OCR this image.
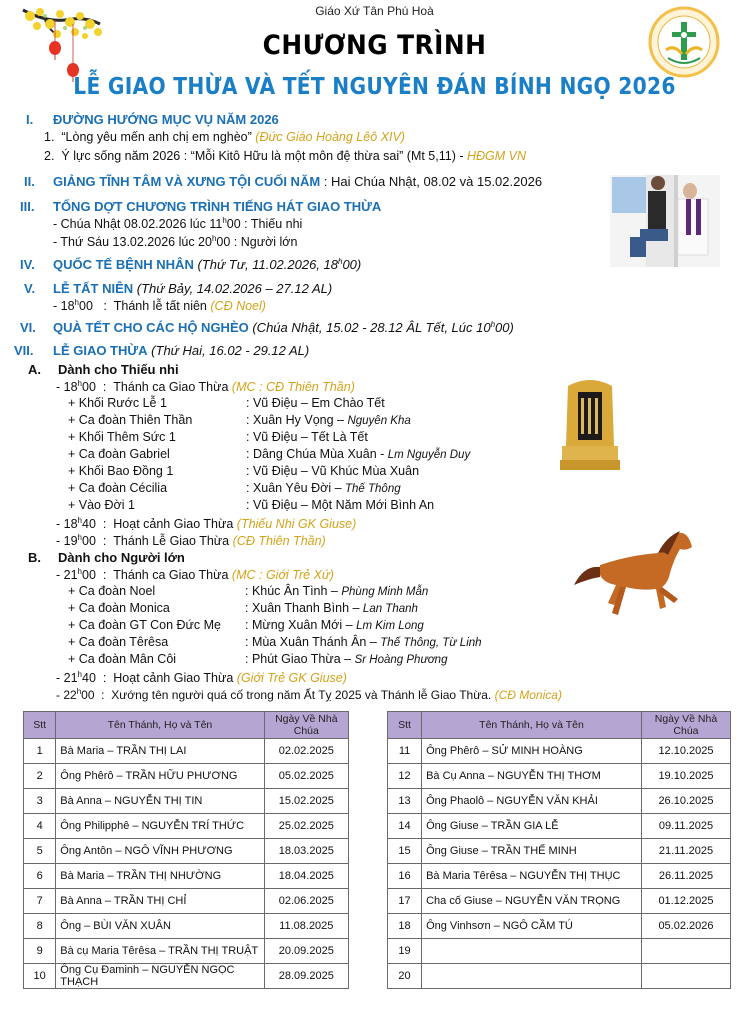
Giáo Xứ Tân Phú Hoà
CHƯƠNG TRÌNH
LỄ GIAO THỪA VÀ TẾT NGUYÊN ĐÁN BÍNH NGỌ 2026
I. ĐƯỜNG HƯỚNG MỤC VỤ NĂM 2026
1. “Lòng yêu mến anh chị em nghèo” (Đức Giáo Hoàng Lêô XIV)
2. Ý lực sống năm 2026 : “Mỗi Kitô Hữu là một môn đệ thừa sai” (Mt 5,11) - HĐGM VN
II. GIẢNG TĨNH TÂM VÀ XƯNG TỘI CUỐI NĂM : Hai Chúa Nhật, 08.02 và 15.02.2026
III. TỔNG DỢT CHƯƠNG TRÌNH TIẾNG HÁT GIAO THỪA
- Chúa Nhật 08.02.2026 lúc 11$^h$00 : Thiếu nhi
- Thứ Sáu 13.02.2026 lúc 20$^h$00 : Người lớn
IV. QUỐC TẾ BỆNH NHÂN (Thứ Tư, 11.02.2026, 18$^h$00)
V. LỄ TẤT NIÊN (Thứ Bảy, 14.02.2026 – 27.12 AL)
- 18$^h$00 : Thánh lễ tất niên (CĐ Noel)
VI. QUÀ TẾT CHO CÁC HỘ NGHÈO (Chúa Nhật, 15.02 - 28.12 ÂL Tết, Lúc 10$^h$00)
VII. LỄ GIAO THỪA (Thứ Hai, 16.02 - 29.12 AL)
A. Dành cho Thiếu nhi
- 18$^h$00  :  Thánh ca Giao Thừa (MC : CĐ Thiên Thần)
+ Khối Rước Lễ 1	: Vũ Điệu – Em Chào Tết
+ Ca đoàn Thiên Thần	: Xuân Hy Vọng – Nguyên Kha
+ Khối Thêm Sức 1	: Vũ Điệu – Tết Là Tết
+ Ca đoàn Gabriel	: Dâng Chúa Mùa Xuân - Lm Nguyễn Duy
+ Khối Bao Đồng 1	: Vũ Điệu – Vũ Khúc Mùa Xuân
+ Ca đoàn Cécilia	: Xuân Yêu Đời – Thế Thông
+ Vào Đời 1	: Vũ Điệu – Một Năm Mới Bình An
- 18$^h$40  :  Hoạt cảnh Giao Thừa (Thiếu Nhi GK Giuse)
- 19$^h$00  :  Thánh Lễ Giao Thừa (CĐ Thiên Thần)
B. Dành cho Người lớn
- 21$^h$00  :  Thánh ca Giao Thừa (MC : Giới Trẻ Xứ)
+ Ca đoàn Noel	: Khúc Ân Tình – Phùng Minh Mẫn
+ Ca đoàn Monica	: Xuân Thanh Bình – Lan Thanh
+ Ca đoàn GT Con Đức Mẹ : Mừng Xuân Mới – Lm Kim Long
+ Ca đoàn Têrêsa	: Mùa Xuân Thánh Ân – Thế Thông, Từ Linh
+ Ca đoàn Mân Côi	: Phút Giao Thừa – Sr Hoàng Phương
- 21$^h$40  :  Hoạt cảnh Giao Thừa (Giới Trẻ GK Giuse)
- 22$^h$00  :  Xướng tên người quá cố trong năm Ất Tỵ 2025 và Thánh lễ Giao Thừa. (CĐ Monica)
Stt	Tên Thánh, Họ và Tên	Ngày Về Nhà Chúa
1	Bà Maria – TRẦN THỊ LAI	02.02.2025
2	Ông Phêrô – TRẦN HỮU PHƯƠNG	05.02.2025
3	Bà Anna – NGUYỄN THỊ TIN	15.02.2025
4	Ông Philipphê – NGUYỄN TRÍ THỨC	25.02.2025
5	Ông Antôn – NGÔ VĨNH PHƯƠNG	18.03.2025
6	Bà Maria – TRẦN THỊ NHƯỜNG	18.04.2025
7	Bà Anna – TRẦN THỊ CHỈ	02.06.2025
8	Ông – BÙI VĂN XUÂN	11.08.2025
9	Bà cụ Maria Têrêsa – TRẦN THỊ TRUẬT	20.09.2025
10	Ông Cụ Đaminh – NGUYỄN NGỌC THẠCH	28.09.2025
Stt	Tên Thánh, Họ và Tên	Ngày Về Nhà Chúa
11	Ông Phêrô – SỬ MINH HOÀNG	12.10.2025
12	Bà Cụ Anna – NGUYỄN THỊ THƠM	19.10.2025
13	Ông Phaolô – NGUYỄN VĂN KHẢI	26.10.2025
14	Ông Giuse – TRẦN GIA LỄ	09.11.2025
15	Ông Giuse – TRẦN THẾ MINH	21.11.2025
16	Bà Maria Têrêsa – NGUYỄN THỊ THỤC	26.11.2025
17	Cha cố Giuse – NGUYỄN VĂN TRỌNG	01.12.2025
18	Ông Vinhsơn – NGÔ CẦM TÚ	05.02.2026
19		
20		
